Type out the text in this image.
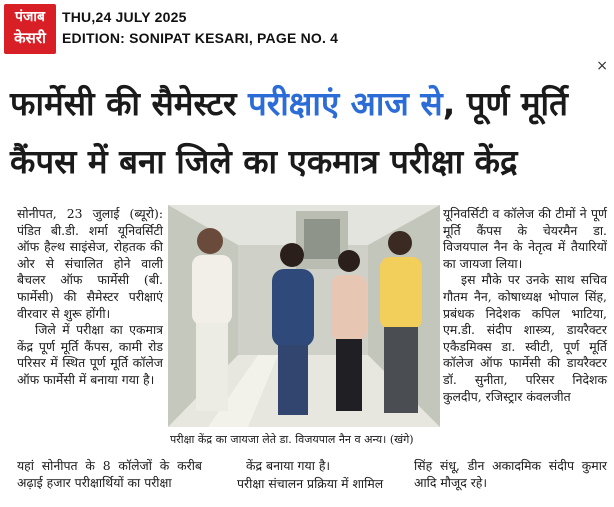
पंजाब
केसरी
THU,24 JULY 2025
EDITION: SONIPAT KESARI, PAGE NO. 4
×
फार्मेसी की सैमेस्टर परीक्षाएं आज से, पूर्ण मूर्ति
कैंपस में बना जिले का एकमात्र परीक्षा केंद्र

सोनीपत, 23 जुलाई (ब्यूरो): पंडित बी.डी. शर्मा यूनिवर्सिटी ऑफ हैल्थ साइंसेज, रोहतक की ओर से संचालित होने वाली बैचलर ऑफ फार्मेसी (बी. फार्मेसी) की सैमेस्टर परीक्षाएं वीरवार से शुरू होंगी।

जिले में परीक्षा का एकमात्र केंद्र पूर्ण मूर्ति कैंपस, कामी रोड परिसर में स्थित पूर्ण मूर्ति कॉलेज ऑफ फार्मेसी में बनाया गया है।

यहां सोनीपत के 8 कॉलेजों के करीब अढ़ाई हजार परीक्षार्थियों का परीक्षा
परीक्षा केंद्र का जायजा लेते डा. विजयपाल नैन व अन्य। (खंगे)
केंद्र बनाया गया है।
परीक्षा संचालन प्रक्रिया में शामिल

यूनिवर्सिटी व कॉलेज की टीमों ने पूर्ण मूर्ति कैंपस के चेयरमैन डा. विजयपाल नैन के नेतृत्व में तैयारियों का जायजा लिया।

इस मौके पर उनके साथ सचिव गौतम नैन, कोषाध्यक्ष भोपाल सिंह, प्रबंधक निदेशक कपिल भाटिया, एम.डी. संदीप शास्त्र्य, डायरैक्टर एकैडमिक्स डा. स्वीटी, पूर्ण मूर्ति कॉलेज ऑफ फार्मेसी की डायरैक्टर डॉ. सुनीता, परिसर निदेशक कुलदीप, रजिस्ट्रार कंवलजीत

सिंह संधू, डीन अकादमिक संदीप कुमार आदि मौजूद रहे।
